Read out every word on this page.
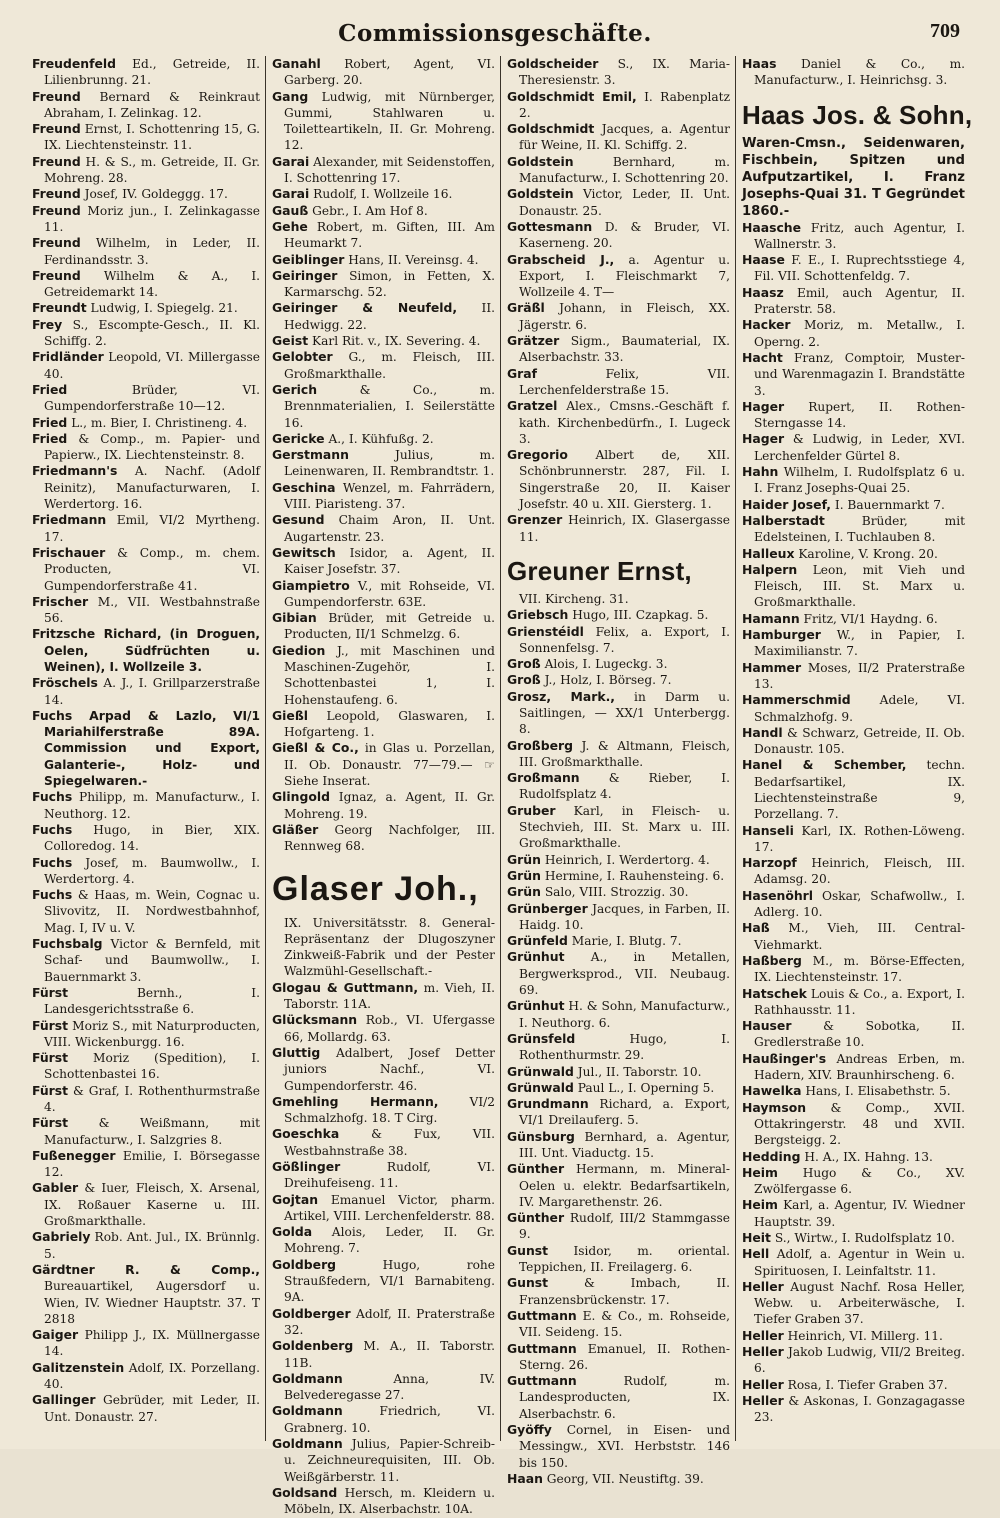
Commissionsgeschäfte.	709

Freudenfeld Ed., Getreide, II. Lilienbrunng. 21.

Freund Bernard & Reinkraut Abraham, I. Zelinkag. 12.

Freund Ernst, I. Schottenring 15, G. IX. Liechtensteinstr. 11.

Freund H. & S., m. Getreide, II. Gr. Mohreng. 28.

Freund Josef, IV. Goldeggg. 17.

Freund Moriz jun., I. Zelinkagasse 11.

Freund Wilhelm, in Leder, II. Ferdinandsstr. 3.

Freund Wilhelm & A., I. Getreidemarkt 14.

Freundt Ludwig, I. Spiegelg. 21.

Frey S., Escompte-Gesch., II. Kl. Schiffg. 2.

Fridländer Leopold, VI. Millergasse 40.

Fried	Brüder, VI. Gumpendorferstraße 10—12.

Fried L., m. Bier, I. Christineng. 4.

Fried & Comp., m. Papier- und Papierw., IX. Liechtensteinstr. 8.

Friedmann's A. Nachf. (Adolf Reinitz), Manufacturwaren, I. Werdertorg. 16.

Friedmann Emil, VI/2 Myrtheng. 17.

Frischauer & Comp., m. chem. Producten, VI. Gumpendorferstraße 41.

Frischer M., VII. Westbahnstraße 56.

Fritzsche Richard, (in Droguen, Oelen, Südfrüchten u. Weinen), I. Wollzeile 3.

Fröschels A. J., I. Grillparzerstraße 14.

Fuchs Arpad & Lazlo, VI/1 Mariahilferstraße 89A. Commission und Export, Galanterie-, Holz- und Spiegelwaren.-

Fuchs Philipp, m. Manufacturw., I. Neuthorg. 12.

Fuchs Hugo, in Bier, XIX. Colloredog. 14.

Fuchs Josef, m. Baumwollw., I. Werdertorg. 4.

Fuchs & Haas, m. Wein, Cognac u. Slivovitz, II. Nordwestbahnhof, Mag. I, IV u. V.

Fuchsbalg Victor & Bernfeld, mit Schaf- und Baumwollw., I. Bauernmarkt 3.

Fürst	Bernh., I. Landesgerichtsstraße 6.

Fürst Moriz S., mit Naturproducten, VIII. Wickenburgg. 16.

Fürst Moriz (Spedition), I. Schottenbastei 16.

Fürst & Graf, I. Rothenthurmstraße 4.

Fürst	& Weißmann, mit Manufacturw., I. Salzgries 8.

Fußenegger Emilie, I. Börsegasse 12.

Gabler & Iuer, Fleisch, X. Arsenal, IX. Roßauer Kaserne u. III. Großmarkthalle.

Gabriely Rob. Ant. Jul., IX. Brünnlg. 5.

Gärdtner R. & Comp., Bureauartikel, Augersdorf u. Wien, IV. Wiedner Hauptstr. 37. T 2818

Gaiger Philipp J., IX. Müllnergasse 14.

Galitzenstein Adolf, IX. Porzellang. 40.

Gallinger Gebrüder, mit Leder, II. Unt. Donaustr. 27.

Ganahl Robert, Agent, VI. Garberg. 20.

Gang Ludwig, mit Nürnberger, Gummi, Stahlwaren u. Toiletteartikeln, II. Gr. Mohreng. 12.

Garai Alexander, mit Seidenstoffen, I. Schottenring 17.

Garai Rudolf, I. Wollzeile 16.

Gauß Gebr., I. Am Hof 8.

Gehe Robert, m. Giften, III. Am Heumarkt 7.

Geiblinger Hans, II. Vereinsg. 4.

Geiringer Simon, in Fetten, X. Karmarschg. 52.

Geiringer & Neufeld, II. Hedwigg. 22.

Geist Karl Rit. v., IX. Severing. 4.

Gelobter G., m. Fleisch, III. Großmarkthalle.

Gerich	& Co., m. Brennmaterialien, I. Seilerstätte 16.

Gericke A., I. Kühfußg. 2.

Gerstmann	Julius, m. Leinenwaren, II. Rembrandtstr. 1.

Geschina Wenzel, m. Fahrrädern, VIII. Piaristeng. 37.

Gesund Chaim Aron, II. Unt. Augartenstr. 23.

Gewitsch Isidor, a. Agent, II. Kaiser Josefstr. 37.

Giampietro V., mit Rohseide, VI. Gumpendorferstr. 63E.

Gibian Brüder, mit Getreide u. Producten, II/1 Schmelzg. 6.

Giedion J., mit Maschinen und Maschinen-Zugehör, I. Schottenbastei 1, I. Hohenstaufeng. 6.

Gießl Leopold, Glaswaren, I. Hofgarteng. 1.

Gießl & Co., in Glas u. Porzellan, II. Ob. Donaustr. 77—79.— ☞ Siehe Inserat.

Glingold Ignaz, a. Agent, II. Gr. Mohreng. 19.

Gläßer Georg Nachfolger, III. Rennweg 68.

Glaser Joh.,
IX. Universitätsstr. 8. General-Repräsentanz der Dlugoszyner Zinkweiß-Fabrik und der Pester Walzmühl-Gesellschaft.-

Glogau & Guttmann, m. Vieh, II. Taborstr. 11A.

Glücksmann Rob., VI. Ufergasse 66, Mollardg. 63.

Gluttig Adalbert, Josef Detter juniors Nachf., VI. Gumpendorferstr. 46.

Gmehling Hermann,	VI/2 Schmalzhofg. 18. T Cirg.

Goeschka	& Fux, VII. Westbahnstraße 38.

Gößlinger	Rudolf, VI. Dreihufeiseng. 11.

Gojtan Emanuel Victor, pharm. Artikel, VIII. Lerchenfelderstr. 88.

Golda Alois, Leder, II. Gr. Mohreng. 7.

Goldberg	Hugo, rohe Straußfedern, VI/1 Barnabiteng. 9A.

Goldberger Adolf, II. Praterstraße 32.

Goldenberg M. A., II. Taborstr. 11B.

Goldmann	Anna, IV. Belvederegasse 27.

Goldmann	Friedrich, VI. Grabnerg. 10.

Goldmann Julius, Papier-Schreib- u. Zeichneurequisiten, III. Ob. Weißgärberstr. 11.

Goldsand Hersch, m. Kleidern u. Möbeln, IX. Alserbachstr. 10A.

Goldscheider S., IX. Maria-Theresienstr. 3.

Goldschmidt Emil, I. Rabenplatz 2.

Goldschmidt Jacques, a. Agentur für Weine, II. Kl. Schiffg. 2.

Goldstein	Bernhard, m. Manufacturw., I. Schottenring 20.

Goldstein Victor, Leder, II. Unt. Donaustr. 25.

Gottesmann D. & Bruder, VI. Kaserneng. 20.

Grabscheid J., a. Agentur u. Export, I. Fleischmarkt 7, Wollzeile 4. T—

Gräßl Johann, in Fleisch, XX. Jägerstr. 6.

Grätzer Sigm., Baumaterial, IX. Alserbachstr. 33.

Graf	Felix, VII. Lerchenfelderstraße 15.

Gratzel Alex., Cmsns.-Geschäft f. kath. Kirchenbedürfn., I. Lugeck 3.

Gregorio Albert de, XII. Schönbrunnerstr. 287, Fil. I. Singerstraße 20, II. Kaiser Josefstr. 40 u. XII. Giersterg. 1.

Grenzer Heinrich, IX. Glasergasse 11.

Greuner Ernst,
VII. Kircheng. 31.

Griebsch Hugo, III. Czapkag. 5.

Grienstéidl Felix, a. Export, I. Sonnenfelsg. 7.

Groß Alois, I. Lugeckg. 3.

Groß J., Holz, I. Börseg. 7.

Grosz, Mark., in Darm u. Saitlingen, — XX/1 Unterbergg. 8.

Großberg J. & Altmann, Fleisch, III. Großmarkthalle.

Großmann & Rieber, I. Rudolfsplatz 4.

Gruber Karl, in Fleisch- u. Stechvieh, III. St. Marx u. III. Großmarkthalle.

Grün Heinrich, I. Werdertorg. 4.

Grün Hermine, I. Rauhensteing. 6.

Grün Salo, VIII. Strozzig. 30.

Grünberger Jacques, in Farben, II. Haidg. 10.

Grünfeld Marie, I. Blutg. 7.

Grünhut A., in Metallen, Bergwerksprod., VII. Neubaug. 69.

Grünhut H. & Sohn, Manufacturw., I. Neuthorg. 6.

Grünsfeld	Hugo, I. Rothenthurmstr. 29.

Grünwald Jul., II. Taborstr. 10.

Grünwald Paul L., I. Operning 5.

Grundmann Richard, a. Export, VI/1 Dreilauferg. 5.

Günsburg Bernhard, a. Agentur, III. Unt. Viaductg. 15.

Günther Hermann, m. Mineral-Oelen u. elektr. Bedarfsartikeln, IV. Margarethenstr. 26.

Günther Rudolf, III/2 Stammgasse 9.

Gunst Isidor, m. oriental. Teppichen, II. Freilagerg. 6.

Gunst	& Imbach, II. Franzensbrückenstr. 17.

Guttmann E. & Co., m. Rohseide, VII. Seideng. 15.

Guttmann Emanuel, II. Rothen-Sterng. 26.

Guttmann	Rudolf, m. Landesproducten, IX. Alserbachstr. 6.

Gyöffy Cornel, in Eisen- und Messingw., XVI. Herbststr. 146 bis 150.

Haan Georg, VII. Neustiftg. 39.

Haas Daniel & Co., m. Manufacturw., I. Heinrichsg. 3.

Haas Jos. & Sohn,
Waren-Cmsn., Seidenwaren, Fischbein, Spitzen und Aufputzartikel, I. Franz Josephs-Quai 31. T Gegründet 1860.-

Haasche Fritz, auch Agentur, I. Wallnerstr. 3.

Haase F. E., I. Ruprechtsstiege 4, Fil. VII. Schottenfeldg. 7.

Haasz Emil, auch Agentur, II. Praterstr. 58.

Hacker Moriz, m. Metallw., I. Operng. 2.

Hacht Franz, Comptoir, Muster- und Warenmagazin I. Brandstätte 3.

Hager Rupert, II. Rothen-Sterngasse 14.

Hager & Ludwig, in Leder, XVI. Lerchenfelder Gürtel 8.

Hahn Wilhelm, I. Rudolfsplatz 6 u. I. Franz Josephs-Quai 25.

Haider Josef, I. Bauernmarkt 7.

Halberstadt	Brüder, mit Edelsteinen, I. Tuchlauben 8.

Halleux Karoline, V. Krong. 20.

Halpern Leon, mit Vieh und Fleisch, III. St. Marx u. Großmarkthalle.

Hamann Fritz, VI/1 Haydng. 6.

Hamburger W., in Papier, I. Maximilianstr. 7.

Hammer Moses, II/2 Praterstraße 13.

Hammerschmid Adele, VI. Schmalzhofg. 9.

Handl & Schwarz, Getreide, II. Ob. Donaustr. 105.

Hanel & Schember, techn. Bedarfsartikel, IX. Liechtensteinstraße 9, Porzellang. 7.

Hanseli Karl, IX. Rothen-Löweng. 17.

Harzopf Heinrich, Fleisch, III. Adamsg. 20.

Hasenöhrl Oskar, Schafwollw., I. Adlerg. 10.

Haß M., Vieh, III. Central-Viehmarkt.

Haßberg M., m. Börse-Effecten, IX. Liechtensteinstr. 17.

Hatschek Louis & Co., a. Export, I. Rathhausstr. 11.

Hauser	& Sobotka, II. Gredlerstraße 10.

Haußinger's Andreas Erben, m. Hadern, XIV. Braunhirscheng. 6.

Hawelka Hans, I. Elisabethstr. 5.

Haymson & Comp., XVII. Ottakringerstr. 48 und XVII. Bergsteigg. 2.

Hedding H. A., IX. Hahng. 13.

Heim Hugo & Co., XV. Zwölfergasse 6.

Heim Karl, a. Agentur, IV. Wiedner Hauptstr. 39.

Heit S., Wirtw., I. Rudolfsplatz 10.

Hell Adolf, a. Agentur in Wein u. Spirituosen, I. Leinfaltstr. 11.

Heller August Nachf. Rosa Heller, Webw. u. Arbeiterwäsche, I. Tiefer Graben 37.

Heller Heinrich, VI. Millerg. 11.

Heller Jakob Ludwig, VII/2 Breiteg. 6.

Heller Rosa, I. Tiefer Graben 37.

Heller & Askonas, I. Gonzagagasse 23.
